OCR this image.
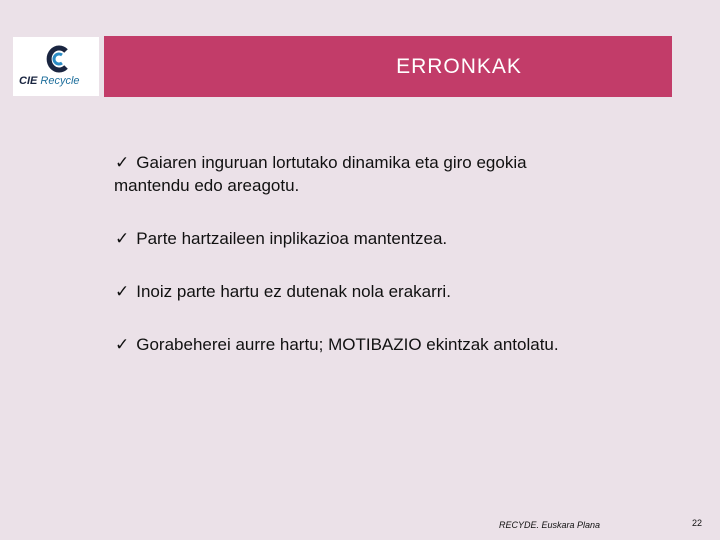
CIE Recycle
ERRONKAK
✓ Gaiaren inguruan lortutako dinamika eta giro egokia
mantendu edo areagotu.
✓ Parte hartzaileen inplikazioa mantentzea.
✓ Inoiz parte hartu ez dutenak nola erakarri.
✓ Gorabeherei aurre hartu; MOTIBAZIO ekintzak antolatu.
RECYDE. Euskara Plana	22
